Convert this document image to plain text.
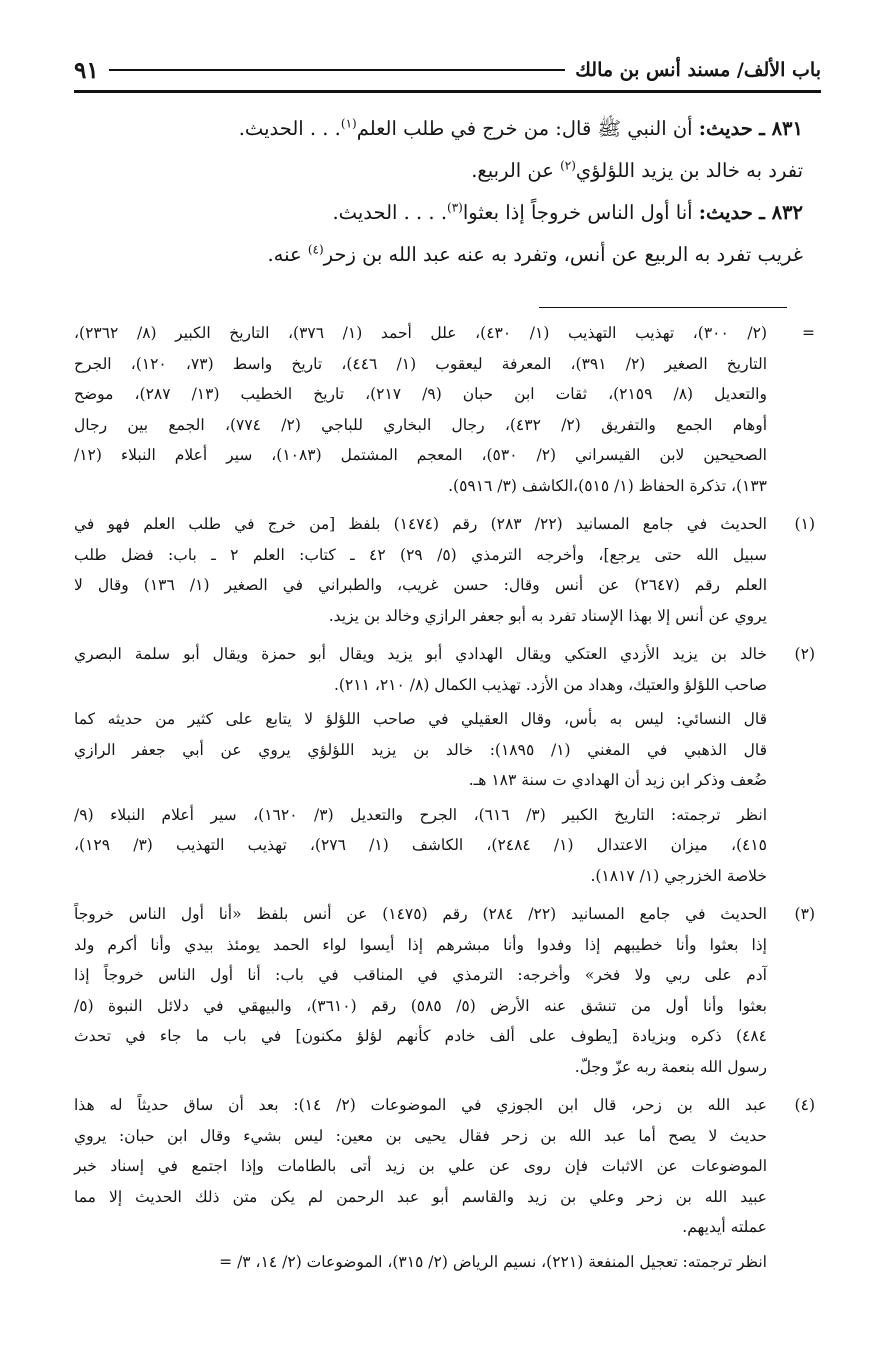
باب الألف/ مسند أنس بن مالك
٩١
٨٣١ ـ حديث: أن النبي ﷺ قال: من خرج في طلب العلم$^{(١)}$. . . الحديث.
تفرد به خالد بن يزيد اللؤلؤي$^{(٢)}$ عن الربيع.
٨٣٢ ـ حديث: أنا أول الناس خروجاً إذا بعثوا$^{(٣)}$. . . . الحديث.
غريب تفرد به الربيع عن أنس، وتفرد به عنه عبد الله بن زحر$^{(٤)}$ عنه.
=
(٢/ ٣٠٠)، تهذيب التهذيب (١/ ٤٣٠)، علل أحمد (١/ ٣٧٦)، التاريخ الكبير (٨/ ٢٣٦٢)،
التاريخ الصغير (٢/ ٣٩١)، المعرفة ليعقوب (١/ ٤٤٦)، تاريخ واسط (٧٣، ١٢٠)، الجرح
والتعديل (٨/ ٢١٥٩)، ثقات ابن حبان (٩/ ٢١٧)، تاريخ الخطيب (١٣/ ٢٨٧)، موضح
أوهام الجمع والتفريق (٢/ ٤٣٢)، رجال البخاري للباجي (٢/ ٧٧٤)، الجمع بين رجال
الصحيحين لابن القيسراني (٢/ ٥٣٠)، المعجم المشتمل (١٠٨٣)، سير أعلام النبلاء (١٢/
١٣٣)، تذكرة الحفاظ (١/ ٥١٥)،الكاشف (٣/ ٥٩١٦).
(١)
الحديث في جامع المسانيد (٢٢/ ٢٨٣) رقم (١٤٧٤) بلفظ [من خرج في طلب العلم فهو في
سبيل الله حتى يرجع]، وأخرجه الترمذي (٥/ ٢٩) ٤٢ ـ كتاب: العلم ٢ ـ باب: فضل طلب
العلم رقم (٢٦٤٧) عن أنس وقال: حسن غريب، والطبراني في الصغير (١/ ١٣٦) وقال لا
يروي عن أنس إلا بهذا الإسناد تفرد به أبو جعفر الرازي وخالد بن يزيد.
(٢)
خالد بن يزيد الأزدي العتكي ويقال الهدادي أبو يزيد ويقال أبو حمزة ويقال أبو سلمة البصري
صاحب اللؤلؤ والعتيك، وهداد من الأزد. تهذيب الكمال (٨/ ٢١٠، ٢١١).
قال النسائي: ليس به بأس، وقال العقيلي في صاحب اللؤلؤ لا يتابع على كثير من حديثه كما
قال الذهبي في المغني (١/ ١٨٩٥): خالد بن يزيد اللؤلؤي يروي عن أبي جعفر الرازي
ضُعف وذكر ابن زيد أن الهدادي ت سنة ١٨٣ هـ.
انظر ترجمته: التاريخ الكبير (٣/ ٦١٦)، الجرح والتعديل (٣/ ١٦٢٠)، سير أعلام النبلاء (٩/
٤١٥)، ميزان الاعتدال (١/ ٢٤٨٤)، الكاشف (١/ ٢٧٦)، تهذيب التهذيب (٣/ ١٢٩)،
خلاصة الخزرجي (١/ ١٨١٧).
(٣)
الحديث في جامع المسانيد (٢٢/ ٢٨٤) رقم (١٤٧٥) عن أنس بلفظ «أنا أول الناس خروجاً
إذا بعثوا وأنا خطيبهم إذا وفدوا وأنا مبشرهم إذا أيسوا لواء الحمد يومئذ بيدي وأنا أكرم ولد
آدم على ربي ولا فخر» وأخرجه: الترمذي في المناقب في باب: أنا أول الناس خروجاً إذا
بعثوا وأنا أول من تنشق عنه الأرض (٥/ ٥٨٥) رقم (٣٦١٠)، والبيهقي في دلائل النبوة (٥/
٤٨٤) ذكره وبزيادة [يطوف على ألف خادم كأنهم لؤلؤ مكنون] في باب ما جاء في تحدث
رسول الله بنعمة ربه عزّ وجلّ.
(٤)
عبد الله بن زحر، قال ابن الجوزي في الموضوعات (٢/ ١٤): بعد أن ساق حديثاً له هذا
حديث لا يصح أما عبد الله بن زحر فقال يحيى بن معين: ليس بشيء وقال ابن حبان: يروي
الموضوعات عن الاثبات فإن روى عن علي بن زيد أتى بالطامات وإذا اجتمع في إسناد خبر
عبيد الله بن زحر وعلي بن زيد والقاسم أبو عبد الرحمن لم يكن متن ذلك الحديث إلا مما
عملته أيديهم.
انظر ترجمته: تعجيل المنفعة (٢٢١)، نسيم الرياض (٢/ ٣١٥)، الموضوعات (٢/ ١٤، ٣/ =
